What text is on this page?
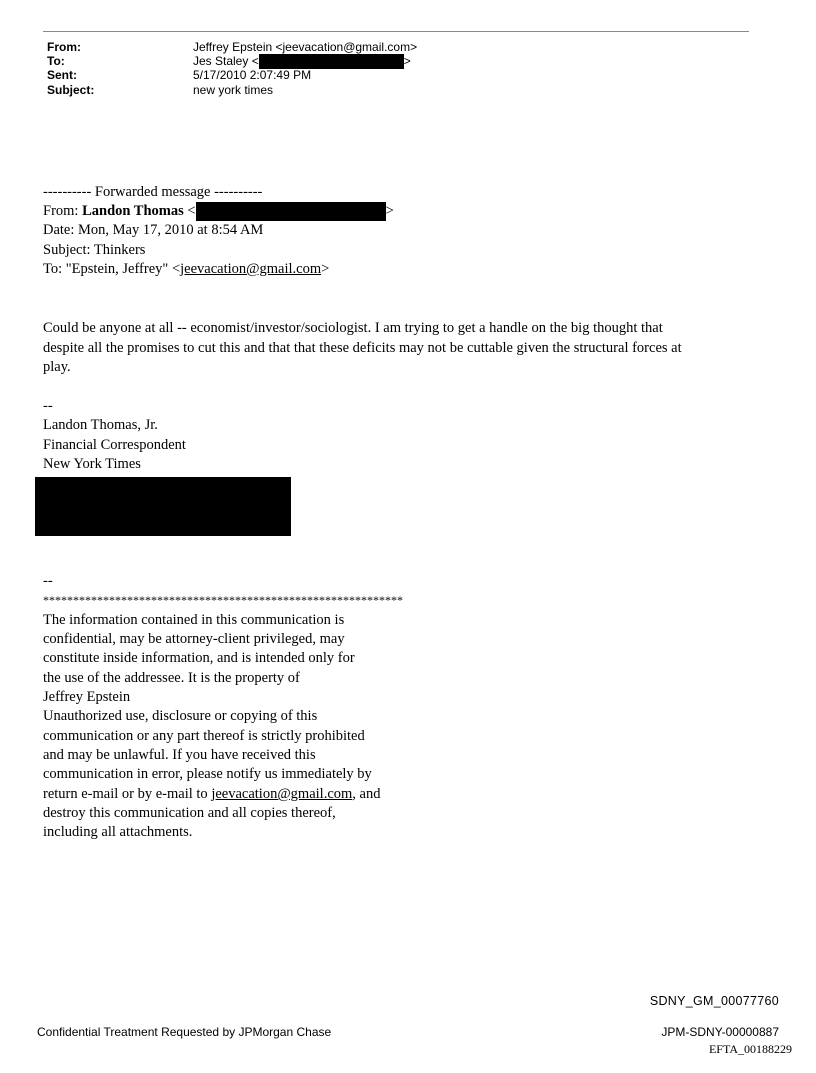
From:	Jeffrey Epstein <jeevacation@gmail.com>
To:	Jes Staley <	>
Sent:	5/17/2010 2:07:49 PM
Subject:	new york times
---------- Forwarded message ----------
From: Landon Thomas <	>
Date: Mon, May 17, 2010 at 8:54 AM
Subject: Thinkers
To: "Epstein, Jeffrey" <jeevacation@gmail.com>
Could be anyone at all -- economist/investor/sociologist. I am trying to get a handle on the big thought that
despite all the promises to cut this and that that these deficits may not be cuttable given the structural forces at
play.
--
Landon Thomas, Jr.
Financial Correspondent
New York Times
--
************************************************************
The information contained in this communication is
confidential, may be attorney-client privileged, may
constitute inside information, and is intended only for
the use of the addressee. It is the property of
Jeffrey Epstein
Unauthorized use, disclosure or copying of this
communication or any part thereof is strictly prohibited
and may be unlawful. If you have received this
communication in error, please notify us immediately by
return e-mail or by e-mail to jeevacation@gmail.com, and
destroy this communication and all copies thereof,
including all attachments.
SDNY_GM_00077760
Confidential Treatment Requested by JPMorgan Chase	JPM-SDNY-00000887
EFTA_00188229
